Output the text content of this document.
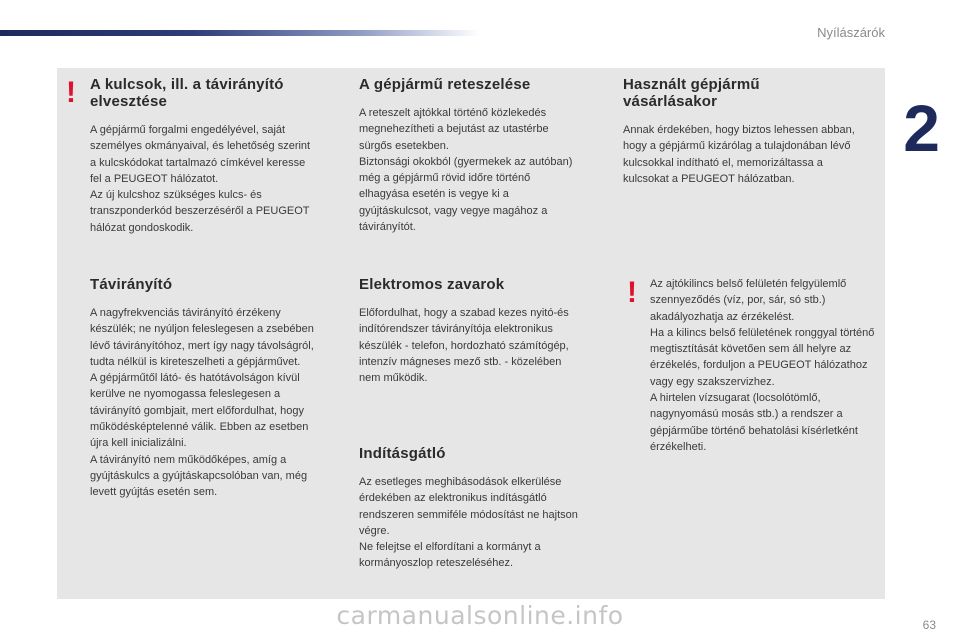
Nyílászárók
2
! A kulcsok, ill. a távirányító elvesztése

A gépjármű forgalmi engedélyével, saját személyes okmányaival, és lehetőség szerint a kulcskódokat tartalmazó címkével keresse fel a PEUGEOT hálózatot.
Az új kulcshoz szükséges kulcs- és transzponderkód beszerzéséről a PEUGEOT hálózat gondoskodik.

A gépjármű reteszelése

A reteszelt ajtókkal történő közlekedés megnehezítheti a bejutást az utastérbe sürgős esetekben.
Biztonsági okokból (gyermekek az autóban) még a gépjármű rövid időre történő elhagyása esetén is vegye ki a gyújtáskulcsot, vagy vegye magához a távirányítót.

Használt gépjármű vásárlásakor

Annak érdekében, hogy biztos lehessen abban, hogy a gépjármű kizárólag a tulajdonában lévő kulcsokkal indítható el, memorizáltassa a kulcsokat a PEUGEOT hálózatban.

Távirányító

A nagyfrekvenciás távirányító érzékeny készülék; ne nyúljon feleslegesen a zsebében lévő távirányítóhoz, mert így nagy távolságról, tudta nélkül is kireteszelheti a gépjárművet.
A gépjárműtől látó- és hatótávolságon kívül kerülve ne nyomogassa feleslegesen a távirányító gombjait, mert előfordulhat, hogy működésképtelenné válik. Ebben az esetben újra kell inicializálni.
A távirányító nem működőképes, amíg a gyújtáskulcs a gyújtáskapcsolóban van, még levett gyújtás esetén sem.

Elektromos zavarok

Előfordulhat, hogy a szabad kezes nyitó-és indítórendszer távirányítója elektronikus készülék - telefon, hordozható számítógép, intenzív mágneses mező stb. - közelében nem működik.

Indításgátló

Az esetleges meghibásodások elkerülése érdekében az elektronikus indításgátló rendszeren semmiféle módosítást ne hajtson végre.
Ne felejtse el elfordítani a kormányt a kormányoszlop reteszeléséhez.

! Az ajtókilincs belső felületén felgyülemlő szennyeződés (víz, por, sár, só stb.) akadályozhatja az érzékelést.
Ha a kilincs belső felületének ronggyal történő megtisztítását követően sem áll helyre az érzékelés, forduljon a PEUGEOT hálózathoz vagy egy szakszervizhez.
A hirtelen vízsugarat (locsolótömlő, nagynyomású mosás stb.) a rendszer a gépjárműbe történő behatolási kísérletként érzékelheti.

carmanualsonline.info	63
